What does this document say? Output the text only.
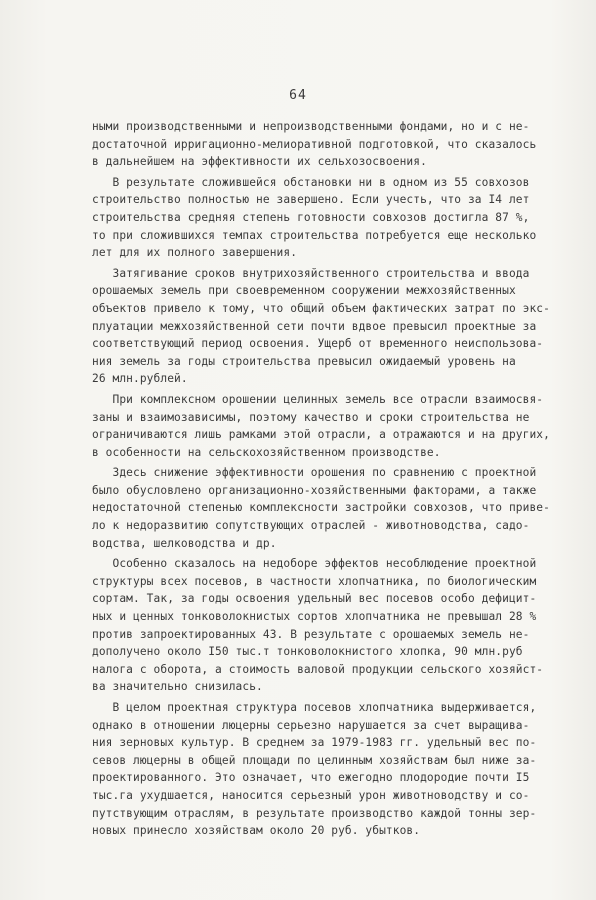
64
ными производственными и непроизводственными фондами, но и с не-
достаточной ирригационно-мелиоративной подготовкой, что сказалось
в дальнейшем на эффективности их сельхозосвоения.
В результате сложившейся обстановки ни в одном из 55 совхозов
строительство полностью не завершено. Если учесть, что за I4 лет
строительства средняя степень готовности совхозов достигла 87 %,
то при сложившихся темпах строительства потребуется еще несколько
лет для их полного завершения.
Затягивание сроков внутрихозяйственного строительства и ввода
орошаемых земель при своевременном сооружении межхозяйственных
объектов привело к тому, что общий объем фактических затрат по экс-
плуатации межхозяйственной сети почти вдвое превысил проектные за
соответствующий период освоения. Ущерб от временного неиспользова-
ния земель за годы строительства превысил ожидаемый уровень на
26 млн.рублей.
При комплексном орошении целинных земель все отрасли взаимосвя-
заны и взаимозависимы, поэтому качество и сроки строительства не
ограничиваются лишь рамками этой отрасли, а отражаются и на других,
в особенности на сельскохозяйственном производстве.
Здесь снижение эффективности орошения по сравнению с проектной
было обусловлено организационно-хозяйственными факторами, а также
недостаточной степенью комплексности застройки совхозов, что приве-
ло к недоразвитию сопутствующих отраслей - животноводства, садо-
водства, шелководства и др.
Особенно сказалось на недоборе эффектов несоблюдение проектной
структуры всех посевов, в частности хлопчатника, по биологическим
сортам. Так, за годы освоения удельный вес посевов особо дефицит-
ных и ценных тонковолокнистых сортов хлопчатника не превышал 28 %
против запроектированных 43. В результате с орошаемых земель не-
дополучено около I50 тыс.т тонковолокнистого хлопка, 90 млн.руб
налога с оборота, а стоимость валовой продукции сельского хозяйст-
ва значительно снизилась.
В целом проектная структура посевов хлопчатника выдерживается,
однако в отношении люцерны серьезно нарушается за счет выращива-
ния зерновых культур. В среднем за 1979-1983 гг. удельный вес по-
севов люцерны в общей площади по целинным хозяйствам был ниже за-
проектированного. Это означает, что ежегодно плодородие почти I5
тыс.га ухудшается, наносится серьезный урон животноводству и со-
путствующим отраслям, в результате производство каждой тонны зер-
новых принесло хозяйствам около 20 руб. убытков.
